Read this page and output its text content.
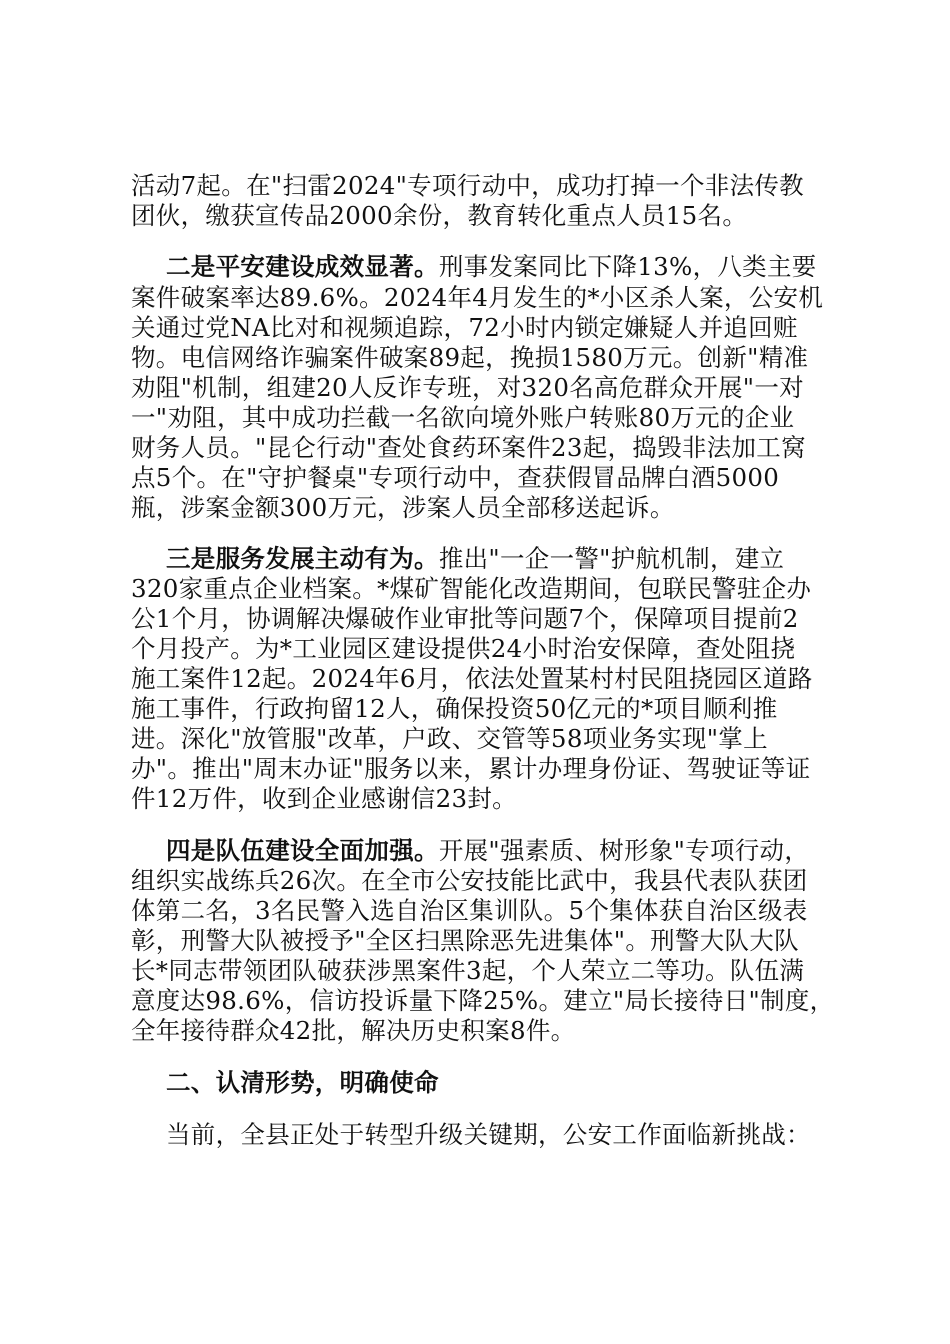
活动7起。在"扫雷2024"专项行动中，成功打掉一个非法传教
团伙，缴获宣传品2000余份，教育转化重点人员15名。
二是平安建设成效显著。刑事发案同比下降13%，八类主要
案件破案率达89.6%。2024年4月发生的*小区杀人案，公安机
关通过党NA比对和视频追踪，72小时内锁定嫌疑人并追回赃
物。电信网络诈骗案件破案89起，挽损1580万元。创新"精准
劝阻"机制，组建20人反诈专班，对320名高危群众开展"一对
一"劝阻，其中成功拦截一名欲向境外账户转账80万元的企业
财务人员。"昆仑行动"查处食药环案件23起，捣毁非法加工窝
点5个。在"守护餐桌"专项行动中，查获假冒品牌白酒5000
瓶，涉案金额300万元，涉案人员全部移送起诉。
三是服务发展主动有为。推出"一企一警"护航机制，建立
320家重点企业档案。*煤矿智能化改造期间，包联民警驻企办
公1个月，协调解决爆破作业审批等问题7个，保障项目提前2
个月投产。为*工业园区建设提供24小时治安保障，查处阻挠
施工案件12起。2024年6月，依法处置某村村民阻挠园区道路
施工事件，行政拘留12人，确保投资50亿元的*项目顺利推
进。深化"放管服"改革，户政、交管等58项业务实现"掌上
办"。推出"周末办证"服务以来，累计办理身份证、驾驶证等证
件12万件，收到企业感谢信23封。
四是队伍建设全面加强。开展"强素质、树形象"专项行动，
组织实战练兵26次。在全市公安技能比武中，我县代表队获团
体第二名，3名民警入选自治区集训队。5个集体获自治区级表
彰，刑警大队被授予"全区扫黑除恶先进集体"。刑警大队大队
长*同志带领团队破获涉黑案件3起，个人荣立二等功。队伍满
意度达98.6%，信访投诉量下降25%。建立"局长接待日"制度，
全年接待群众42批，解决历史积案8件。
二、认清形势，明确使命
当前，全县正处于转型升级关键期，公安工作面临新挑战：
